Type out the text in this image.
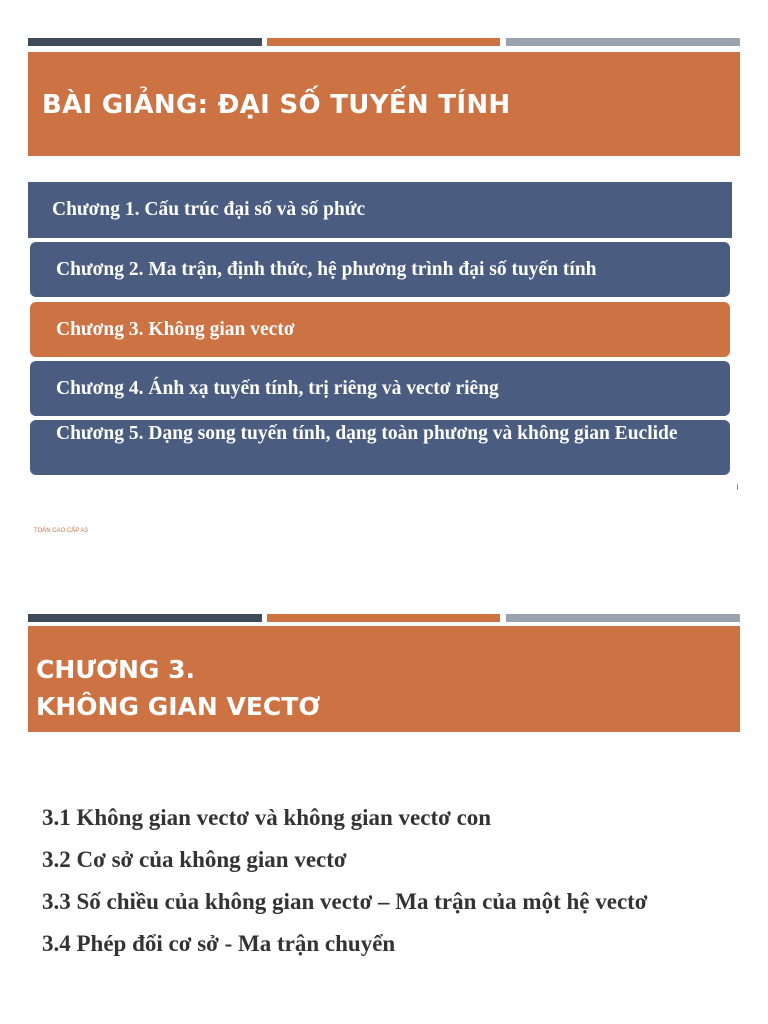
BÀI GIẢNG: ĐẠI SỐ TUYẾN TÍNH
Chương 1. Cấu trúc đại số và số phức
Chương 2. Ma trận, định thức, hệ phương trình đại số tuyến tính
Chương 3. Không gian vectơ
Chương 4. Ánh xạ tuyến tính, trị riêng và vectơ riêng
Chương 5. Dạng song tuyến tính, dạng toàn phương và không gian Euclide
TOÁN CAO CẤP A3
CHƯƠNG 3.
KHÔNG GIAN VECTƠ
3.1 Không gian vectơ và không gian vectơ con
3.2 Cơ sở của không gian vectơ
3.3 Số chiều của không gian vectơ – Ma trận của một hệ vectơ
3.4 Phép đổi cơ sở - Ma trận chuyển
